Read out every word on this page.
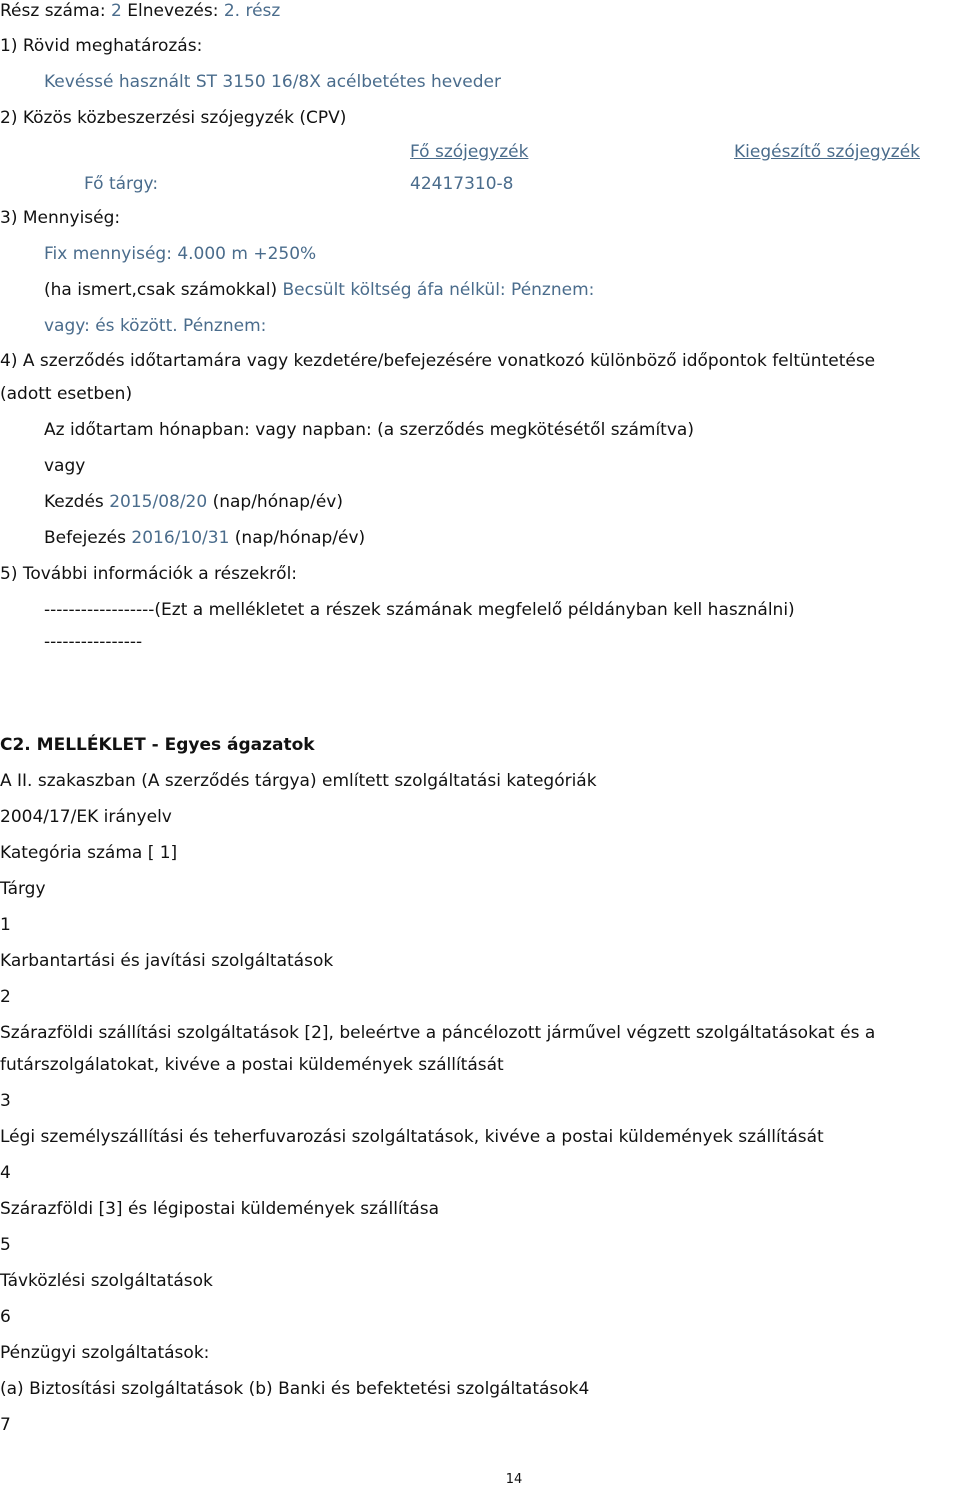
Rész száma: 2 Elnevezés: 2. rész
1) Rövid meghatározás:
Kevéssé használt ST 3150 16/8X acélbetétes heveder
2) Közös közbeszerzési szójegyzék (CPV)
Fő szójegyzék	Kiegészítő szójegyzék
Fő tárgy:	42417310-8
3) Mennyiség:
Fix mennyiség: 4.000 m +250%
(ha ismert,csak számokkal) Becsült költség áfa nélkül: Pénznem:
vagy: és között. Pénznem:
4) A szerződés időtartamára vagy kezdetére/befejezésére vonatkozó különböző időpontok feltüntetése
(adott esetben)
Az időtartam hónapban: vagy napban: (a szerződés megkötésétől számítva)
vagy
Kezdés 2015/08/20 (nap/hónap/év)
Befejezés 2016/10/31 (nap/hónap/év)
5) További információk a részekről:
------------------(Ezt a mellékletet a részek számának megfelelő példányban kell használni)
----------------
C2. MELLÉKLET - Egyes ágazatok
A II. szakaszban (A szerződés tárgya) említett szolgáltatási kategóriák
2004/17/EK irányelv
Kategória száma [ 1]
Tárgy
1
Karbantartási és javítási szolgáltatások
2
Szárazföldi szállítási szolgáltatások [2], beleértve a páncélozott járművel végzett szolgáltatásokat és a
futárszolgálatokat, kivéve a postai küldemények szállítását
3
Légi személyszállítási és teherfuvarozási szolgáltatások, kivéve a postai küldemények szállítását
4
Szárazföldi [3] és légipostai küldemények szállítása
5
Távközlési szolgáltatások
6
Pénzügyi szolgáltatások:
(a) Biztosítási szolgáltatások (b) Banki és befektetési szolgáltatások4
7
14
